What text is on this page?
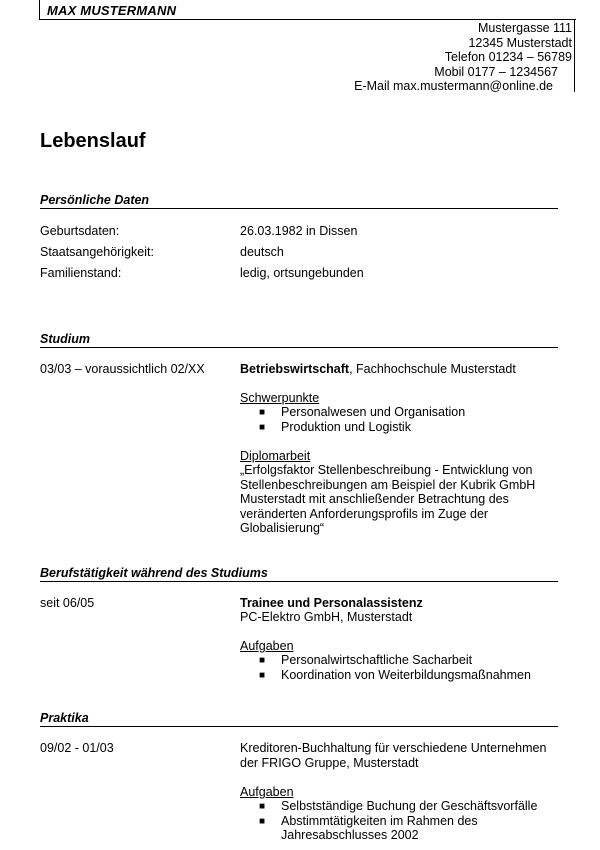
MAX MUSTERMANN
Mustergasse 111
12345 Musterstadt
Telefon 01234 – 56789
Mobil 0177 – 1234567
E-Mail max.mustermann@online.de
Lebenslauf
Persönliche Daten
Geburtsdaten:	26.03.1982 in Dissen
Staatsangehörigkeit:	deutsch
Familienstand:	ledig, ortsungebunden
Studium
03/03 – voraussichtlich 02/XX	Betriebswirtschaft, Fachhochschule Musterstadt
Schwerpunkte
■ Personalwesen und Organisation
■ Produktion und Logistik
Diplomarbeit
„Erfolgsfaktor Stellenbeschreibung - Entwicklung von
Stellenbeschreibungen am Beispiel der Kubrik GmbH
Musterstadt mit anschließender Betrachtung des
veränderten Anforderungsprofils im Zuge der
Globalisierung“
Berufstätigkeit während des Studiums
seit 06/05	Trainee und Personalassistenz
PC-Elektro GmbH, Musterstadt
Aufgaben
■ Personalwirtschaftliche Sacharbeit
■ Koordination von Weiterbildungsmaßnahmen
Praktika
09/02 - 01/03	Kreditoren-Buchhaltung für verschiedene Unternehmen
der FRIGO Gruppe, Musterstadt
Aufgaben
■ Selbstständige Buchung der Geschäftsvorfälle
■ Abstimmtätigkeiten im Rahmen des
Jahresabschlusses 2002
